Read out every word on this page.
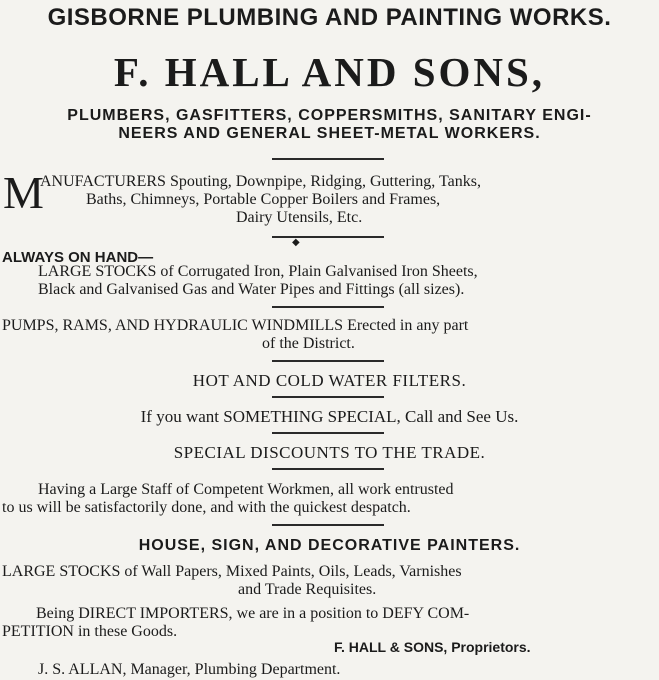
GISBORNE PLUMBING AND PAINTING WORKS.
F. HALL AND SONS,
PLUMBERS, GASFITTERS, COPPERSMITHS, SANITARY ENGI-
NEERS AND GENERAL SHEET-METAL WORKERS.
M
ANUFACTURERS Spouting, Downpipe, Ridging, Guttering, Tanks,
Baths, Chimneys, Portable Copper Boilers and Frames,
Dairy Utensils, Etc.
◆
ALWAYS ON HAND—
LARGE STOCKS of Corrugated Iron, Plain Galvanised Iron Sheets,
Black and Galvanised Gas and Water Pipes and Fittings (all sizes).
PUMPS, RAMS, AND HYDRAULIC WINDMILLS Erected in any part
of the District.
HOT AND COLD WATER FILTERS.
If you want SOMETHING SPECIAL, Call and See Us.
SPECIAL DISCOUNTS TO THE TRADE.
Having a Large Staff of Competent Workmen, all work entrusted
to us will be satisfactorily done, and with the quickest despatch.
HOUSE, SIGN, AND DECORATIVE PAINTERS.
LARGE STOCKS of Wall Papers, Mixed Paints, Oils, Leads, Varnishes
and Trade Requisites.
Being DIRECT IMPORTERS, we are in a position to DEFY COM-
PETITION in these Goods.
F. HALL & SONS, Proprietors.
J. S. ALLAN, Manager, Plumbing Department.
